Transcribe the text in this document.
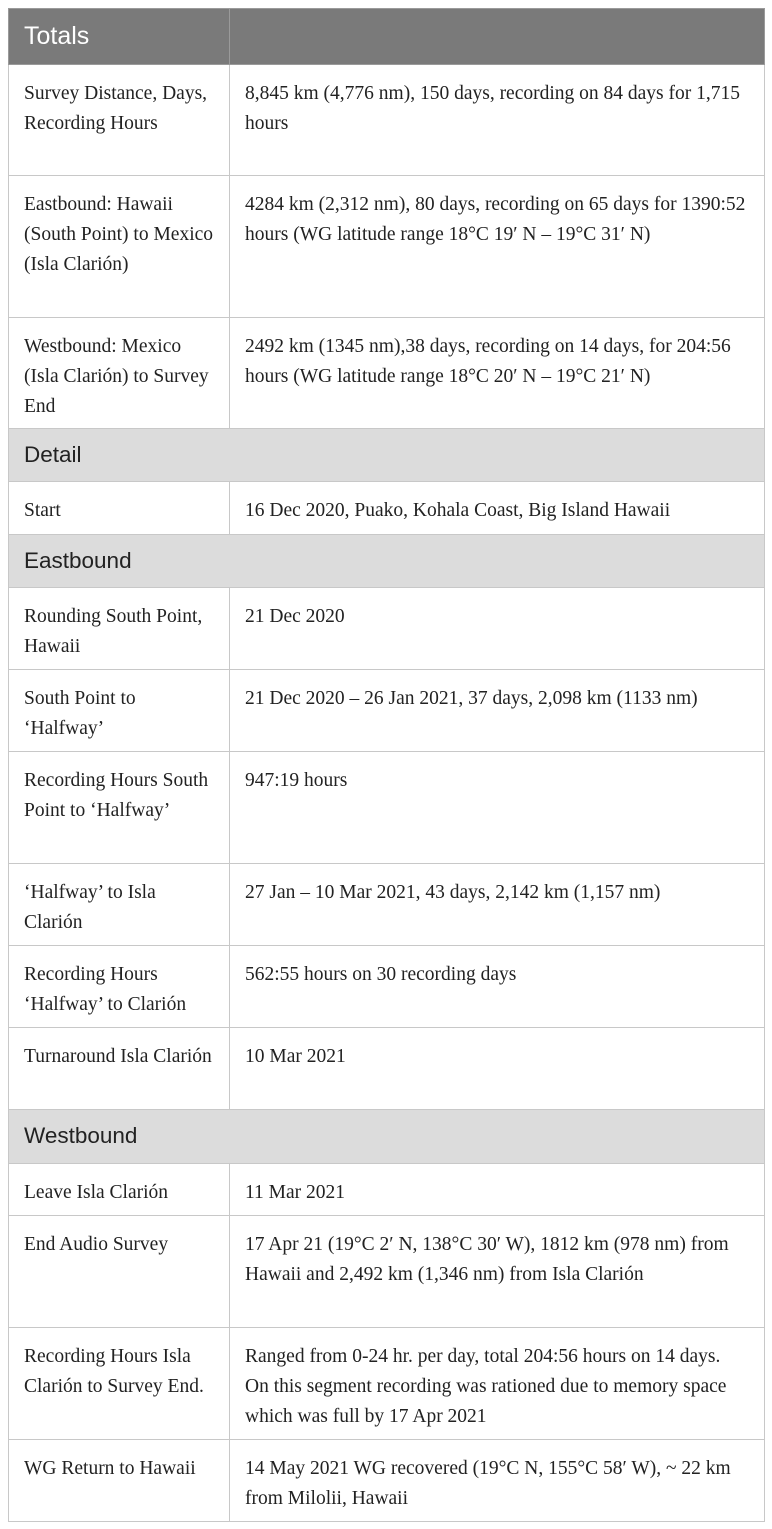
Totals	
Survey Distance, Days, Recording Hours	8,845 km (4,776 nm), 150 days, recording on 84 days for 1,715 hours
Eastbound: Hawaii (South Point) to Mexico (Isla Clarión)	4284 km (2,312 nm), 80 days, recording on 65 days for 1390:52 hours (WG latitude range 18°C 19′ N – 19°C 31′ N)
Westbound: Mexico (Isla Clarión) to Survey End	2492 km (1345 nm),38 days, recording on 14 days, for 204:56 hours (WG latitude range 18°C 20′ N – 19°C 21′ N)
Detail	
Start	16 Dec 2020, Puako, Kohala Coast, Big Island Hawaii
Eastbound	
Rounding South Point, Hawaii	21 Dec 2020
South Point to ‘Halfway’	21 Dec 2020 – 26 Jan 2021, 37 days, 2,098 km (1133 nm)
Recording Hours South Point to ‘Halfway’	947:19 hours
‘Halfway’ to Isla Clarión	27 Jan – 10 Mar 2021, 43 days, 2,142 km (1,157 nm)
Recording Hours ‘Halfway’ to Clarión	562:55 hours on 30 recording days
Turnaround Isla Clarión	10 Mar 2021
Westbound	
Leave Isla Clarión	11 Mar 2021
End Audio Survey	17 Apr 21 (19°C 2′ N, 138°C 30′ W), 1812 km (978 nm) from Hawaii and 2,492 km (1,346 nm) from Isla Clarión
Recording Hours Isla Clarión to Survey End.	Ranged from 0-24 hr. per day, total 204:56 hours on 14 days. On this segment recording was rationed due to memory space which was full by 17 Apr 2021
WG Return to Hawaii	14 May 2021 WG recovered (19°C N, 155°C 58′ W), ~ 22 km from Milolii, Hawaii
